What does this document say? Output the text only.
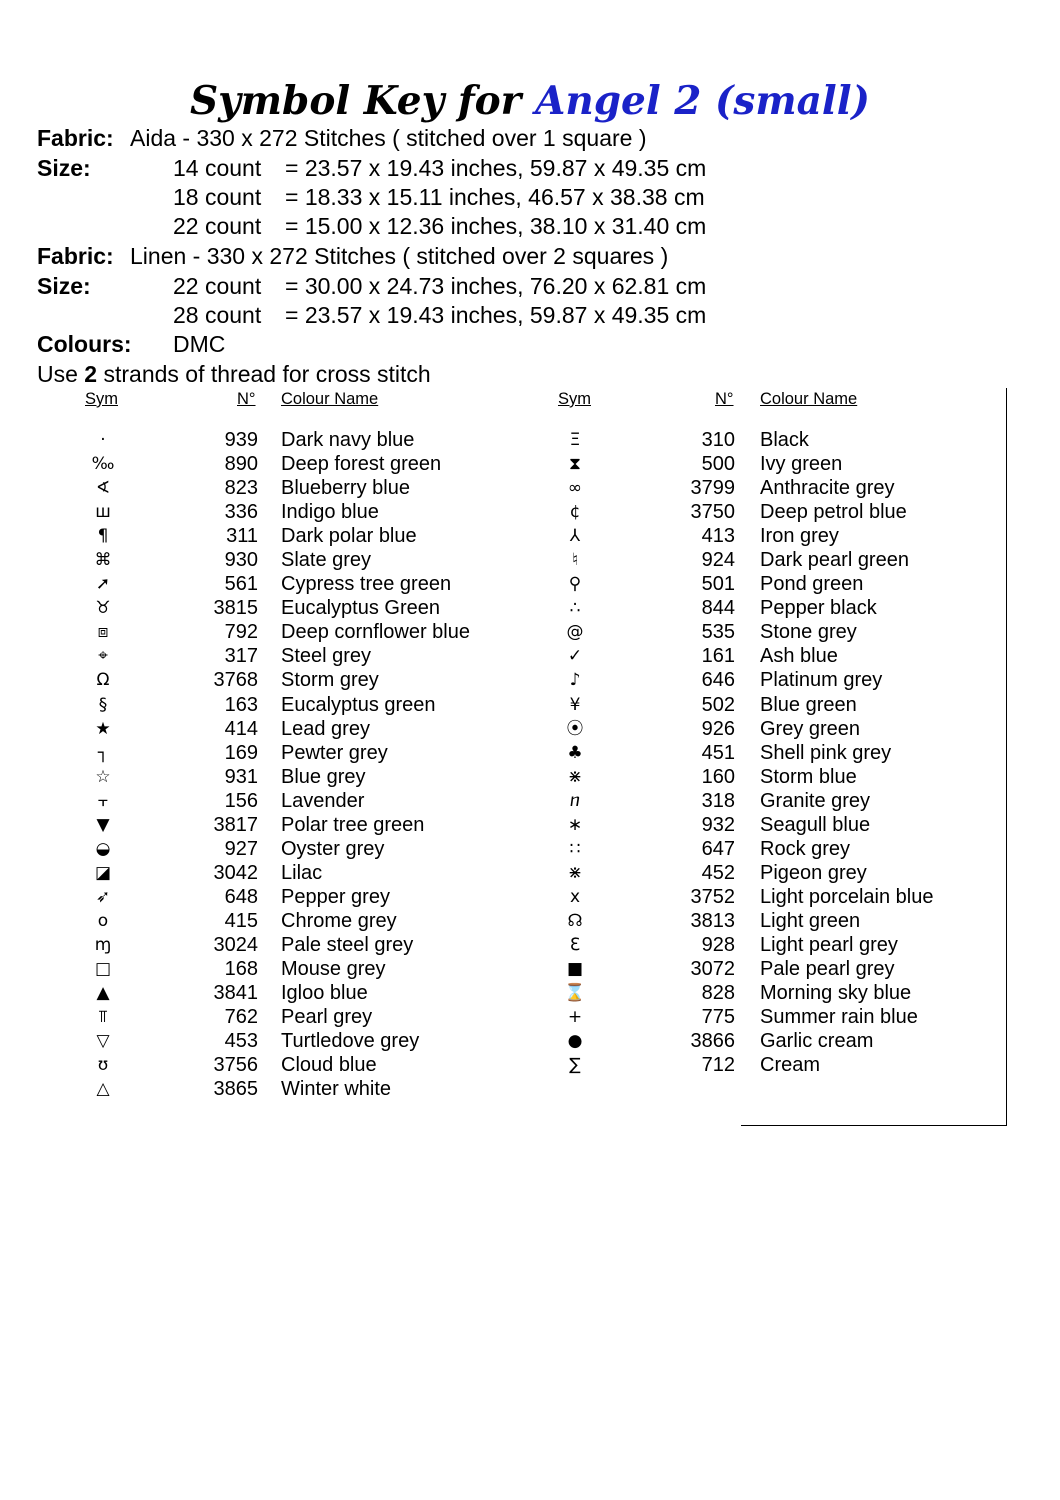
Symbol Key for Angel 2 (small)
Fabric: Aida - 330 x 272 Stitches ( stitched over 1 square )
Size:	14 count = 23.57 x 19.43 inches, 59.87 x 49.35 cm
18 count = 18.33 x 15.11 inches, 46.57 x 38.38 cm
22 count = 15.00 x 12.36 inches, 38.10 x 31.40 cm
Fabric: Linen - 330 x 272 Stitches ( stitched over 2 squares )
Size:	22 count = 30.00 x 24.73 inches, 76.20 x 62.81 cm
28 count = 23.57 x 19.43 inches, 59.87 x 49.35 cm
Colours: DMC
Use 2 strands of thread for cross stitch
Sym	N° Colour Name	Sym	N° Colour Name
·	939 Dark navy blue
‰	890 Deep forest green
∢	823 Blueberry blue
ш	336 Indigo blue
¶	311 Dark polar blue
⌘	930 Slate grey
➚	561 Cypress tree green
♉	3815 Eucalyptus Green
⧈	792 Deep cornflower blue
⌖	317 Steel grey
Ω	3768 Storm grey
§	163 Eucalyptus green
★	414 Lead grey
┐	169 Pewter grey
☆	931 Blue grey
⫟	156 Lavender
▼	3817 Polar tree green
◒	927 Oyster grey
◪	3042 Lilac
➶	648 Pepper grey
o	415 Chrome grey
ɱ	3024 Pale steel grey
□	168 Mouse grey
▲	3841 Igloo blue
⫪	762 Pearl grey
▽	453 Turtledove grey
ʊ	3756 Cloud blue
△	3865 Winter white
Ξ	310 Black
⧗	500 Ivy green
∞	3799 Anthracite grey
¢	3750 Deep petrol blue
⅄	413 Iron grey
♮	924 Dark pearl green
⚲	501 Pond green
∴	844 Pepper black
@	535 Stone grey
✓	161 Ash blue
♪	646 Platinum grey
¥	502 Blue green
⦿	926 Grey green
♣	451 Shell pink grey
⋇	160 Storm blue
ⴖ	318 Granite grey
∗	932 Seagull blue
∷	647 Rock grey
⋇	452 Pigeon grey
x	3752 Light porcelain blue
☊	3813 Light green
ℇ	928 Light pearl grey
■	3072 Pale pearl grey
⌛	828 Morning sky blue
+	775 Summer rain blue
●	3866 Garlic cream
∑	712 Cream
